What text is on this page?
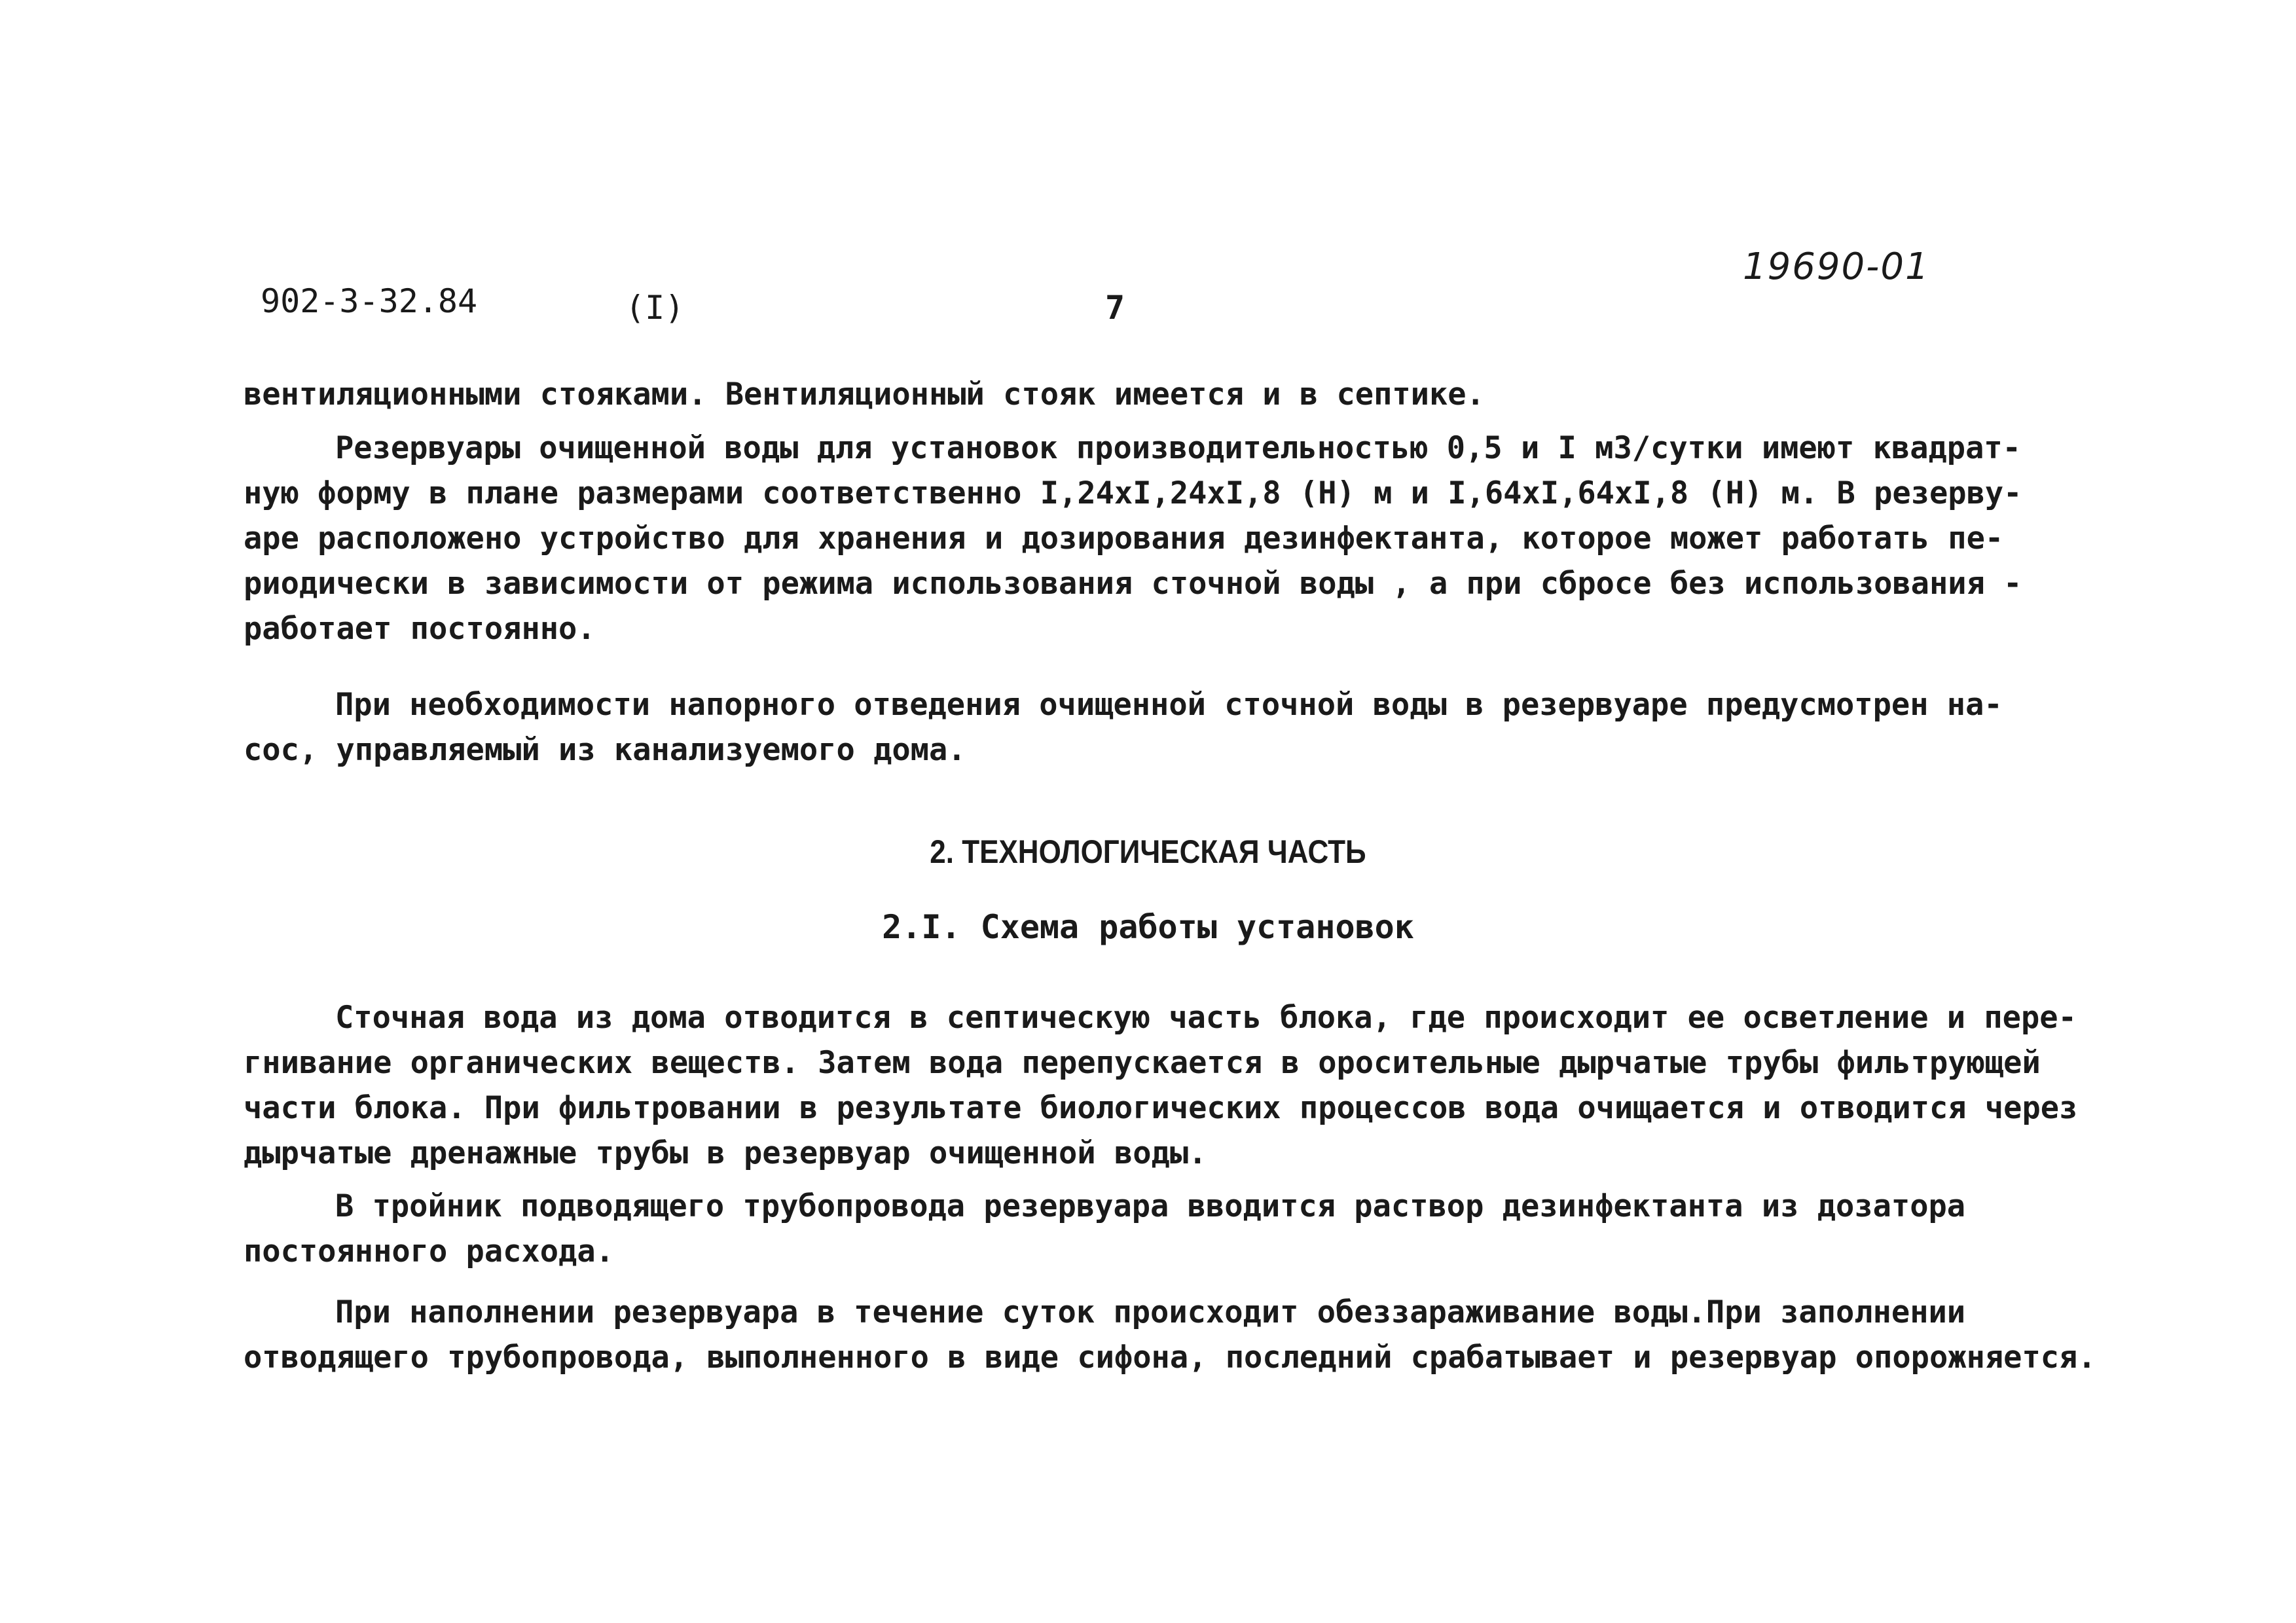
902-3-32.84	(I)	7
19690-01
вентиляционными стояками. Вентиляционный стояк имеется и в септике.
Резервуары очищенной воды для установок производительностью 0,5 и I м3/сутки имеют квадрат-
ную форму в плане размерами соответственно I,24xI,24xI,8 (H) м и I,64xI,64xI,8 (H) м. В резерву-
аре расположено устройство для хранения и дозирования дезинфектанта, которое может работать пе-
риодически в зависимости от режима использования сточной воды , а при сбросе без использования -
работает постоянно.
При необходимости напорного отведения очищенной сточной воды в резервуаре предусмотрен на-
сос, управляемый из канализуемого дома.
2. ТЕХНОЛОГИЧЕСКАЯ ЧАСТЬ
2.I. Схема работы установок
Сточная вода из дома отводится в септическую часть блока, где происходит ее осветление и пере-
гнивание органических веществ. Затем вода перепускается в оросительные дырчатые трубы фильтрующей
части блока. При фильтровании в результате биологических процессов вода очищается и отводится через
дырчатые дренажные трубы в резервуар очищенной воды.
В тройник подводящего трубопровода резервуара вводится раствор дезинфектанта из дозатора
постоянного расхода.
При наполнении резервуара в течение суток происходит обеззараживание воды.При заполнении
отводящего трубопровода, выполненного в виде сифона, последний срабатывает и резервуар опорожняется.
